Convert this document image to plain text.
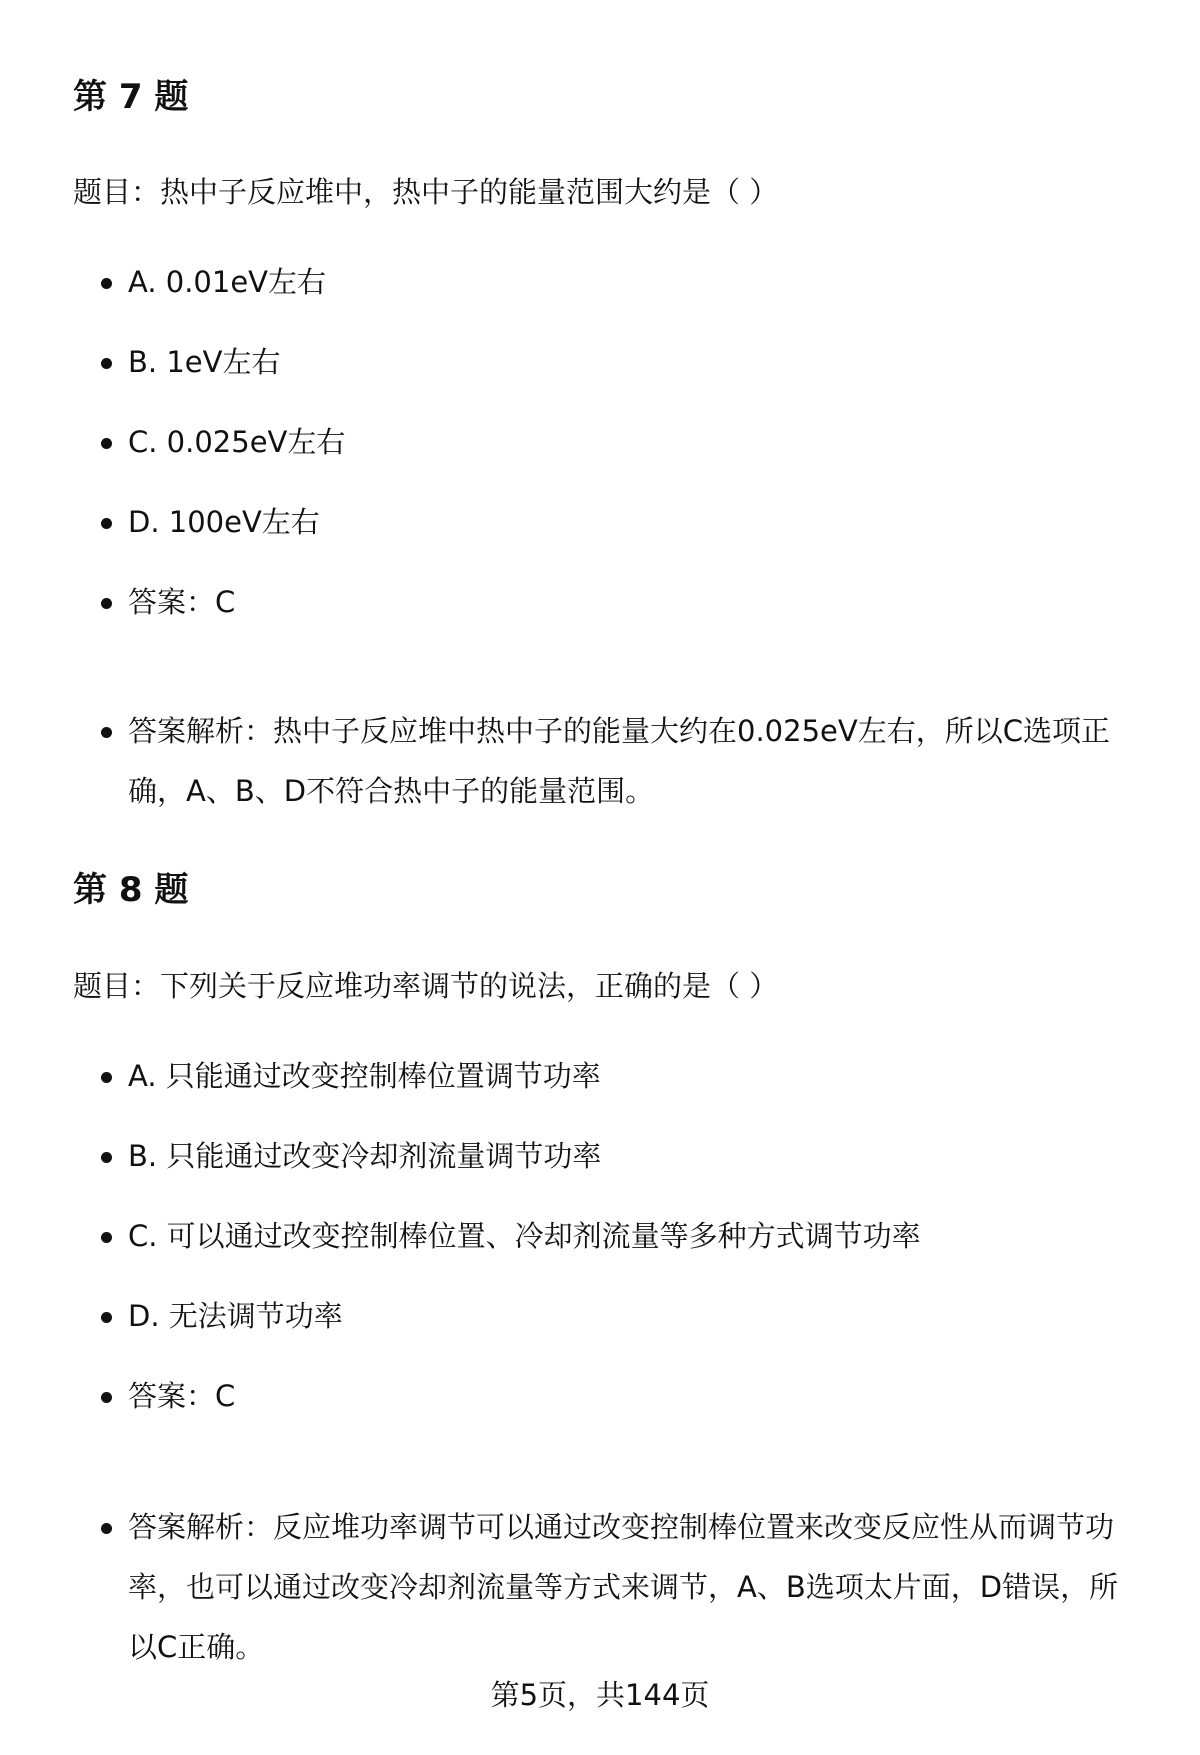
第 7 题

题目：热中子反应堆中，热中子的能量范围大约是（ ）

A. 0.01eV左右
B. 1eV左右
C. 0.025eV左右
D. 100eV左右
答案：C
答案解析：热中子反应堆中热中子的能量大约在0.025eV左右，所以C选项正确，A、B、D不符合热中子的能量范围。
第 8 题

题目：下列关于反应堆功率调节的说法，正确的是（ ）

A. 只能通过改变控制棒位置调节功率
B. 只能通过改变冷却剂流量调节功率
C. 可以通过改变控制棒位置、冷却剂流量等多种方式调节功率
D. 无法调节功率
答案：C
答案解析：反应堆功率调节可以通过改变控制棒位置来改变反应性从而调节功率，也可以通过改变冷却剂流量等方式来调节，A、B选项太片面，D错误，所以C正确。
第5页，共144页
